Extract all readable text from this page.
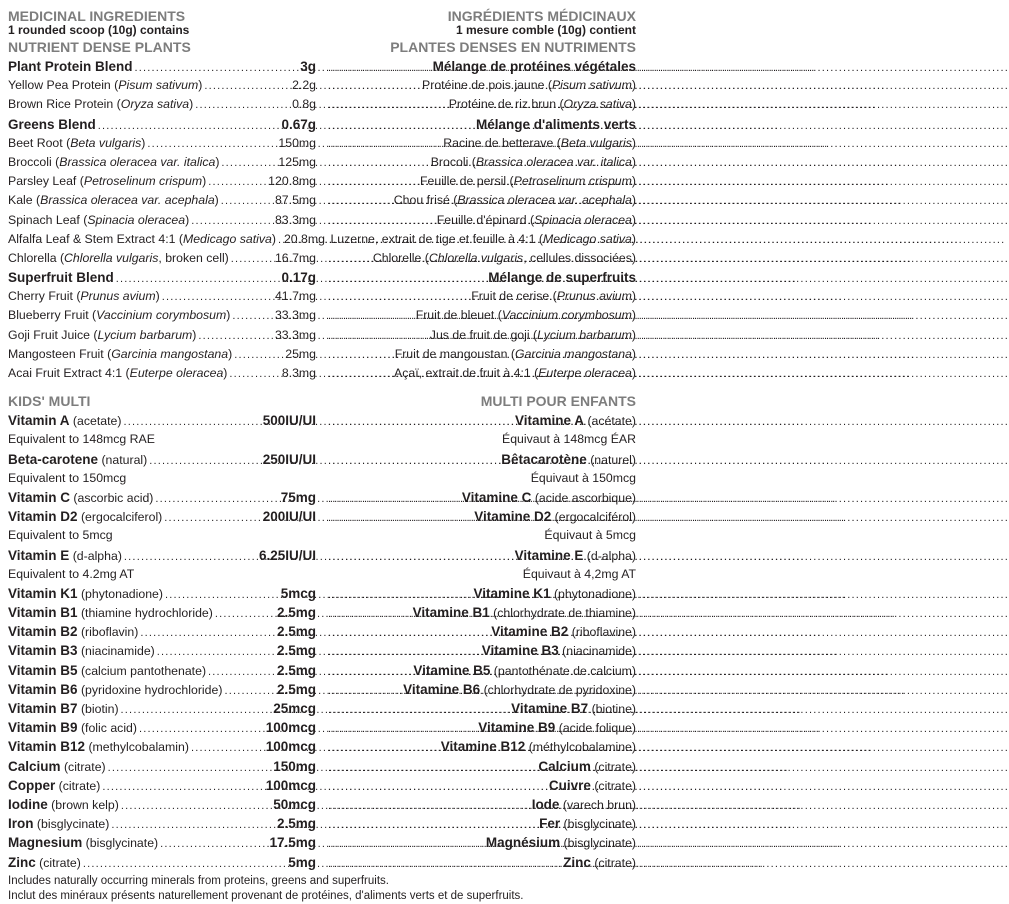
MEDICINAL INGREDIENTS	INGRÉDIENTS MÉDICINAUX
1 rounded scoop (10g) contains	1 mesure comble (10g) contient
NUTRIENT DENSE PLANTS	PLANTES DENSES EN NUTRIMENTS
Plant Protein Blend .....	3g .....	Mélange de protéines végétales
Yellow Pea Protein (Pisum sativum) .....	2.2g .....	Protéine de pois jaune (Pisum sativum)
Brown Rice Protein (Oryza sativa) .....	0.8g .....	Protéine de riz brun (Oryza sativa)
Greens Blend .....	0.67g .....	Mélange d'aliments verts
Beet Root (Beta vulgaris) .....	150mg .....	Racine de betterave (Beta vulgaris)
Broccoli (Brassica oleracea var. italica) .....	125mg .....	Brocoli (Brassica oleracea var. italica)
Parsley Leaf (Petroselinum crispum) .....	120.8mg .....	Feuille de persil (Petroselinum crispum)
Kale (Brassica oleracea var. acephala) .....	87.5mg .....	Chou frisé (Brassica oleracea var. acephala)
Spinach Leaf (Spinacia oleracea) .....	83.3mg .....	Feuille d'épinard (Spinacia oleracea)
Alfalfa Leaf & Stem Extract 4:1 (Medicago sativa) ..... 20.8mg ..... Luzerne, extrait de tige et feuille à 4:1 (Medicago sativa)
Chlorella (Chlorella vulgaris, broken cell) .....	16.7mg .....	Chlorelle (Chlorella vulgaris, cellules dissociées)
Superfruit Blend .....	0.17g .....	Mélange de superfruits
Cherry Fruit (Prunus avium) .....	41.7mg .....	Fruit de cerise (Prunus avium)
Blueberry Fruit (Vaccinium corymbosum) .....	33.3mg .....	Fruit de bleuet (Vaccinium corymbosum)
Goji Fruit Juice (Lycium barbarum) .....	33.3mg .....	Jus de fruit de goji (Lycium barbarum)
Mangosteen Fruit (Garcinia mangostana) .....	25mg .....	Fruit de mangoustan (Garcinia mangostana)
Acai Fruit Extract 4:1 (Euterpe oleracea) .....	8.3mg .....	Açaï, extrait de fruit à 4:1 (Euterpe oleracea)
KIDS' MULTI	MULTI POUR ENFANTS
Vitamin A (acetate) .....	500IU/UI .....	Vitamine A (acétate)
Equivalent to 148mcg RAE	Équivaut à 148mcg ÉAR
Beta-carotene (natural) .....	250IU/UI .....	Bêtacarotène (naturel)
Equivalent to 150mcg	Équivaut à 150mcg
Vitamin C (ascorbic acid) .....	75mg .....	Vitamine C (acide ascorbique)
Vitamin D2 (ergocalciferol) .....	200IU/UI .....	Vitamine D2 (ergocalciférol)
Equivalent to 5mcg	Équivaut à 5mcg
Vitamin E (d-alpha) .....	6.25IU/UI .....	Vitamine E (d-alpha)
Equivalent to 4.2mg AT	Équivaut à 4,2mg AT
Vitamin K1 (phytonadione) .....	5mcg .....	Vitamine K1 (phytonadione)
Vitamin B1 (thiamine hydrochloride) .....	2.5mg .....	Vitamine B1 (chlorhydrate de thiamine)
Vitamin B2 (riboflavin) .....	2.5mg .....	Vitamine B2 (riboflavine)
Vitamin B3 (niacinamide) .....	2.5mg .....	Vitamine B3 (niacinamide)
Vitamin B5 (calcium pantothenate) .....	2.5mg .....	Vitamine B5 (pantothénate de calcium)
Vitamin B6 (pyridoxine hydrochloride) .....	2.5mg .....	Vitamine B6 (chlorhydrate de pyridoxine)
Vitamin B7 (biotin) .....	25mcg .....	Vitamine B7 (biotine)
Vitamin B9 (folic acid) .....	100mcg .....	Vitamine B9 (acide folique)
Vitamin B12 (methylcobalamin) .....	100mcg .....	Vitamine B12 (méthylcobalamine)
Calcium (citrate) .....	150mg .....	Calcium (citrate)
Copper (citrate) .....	100mcg .....	Cuivre (citrate)
Iodine (brown kelp) .....	50mcg .....	Iode (varech brun)
Iron (bisglycinate) .....	2.5mg .....	Fer (bisglycinate)
Magnesium (bisglycinate) .....	17.5mg .....	Magnésium (bisglycinate)
Zinc (citrate) .....	5mg .....	Zinc (citrate)
Includes naturally occurring minerals from proteins, greens and superfruits.
Inclut des minéraux présents naturellement provenant de protéines, d'aliments verts et de superfruits.
